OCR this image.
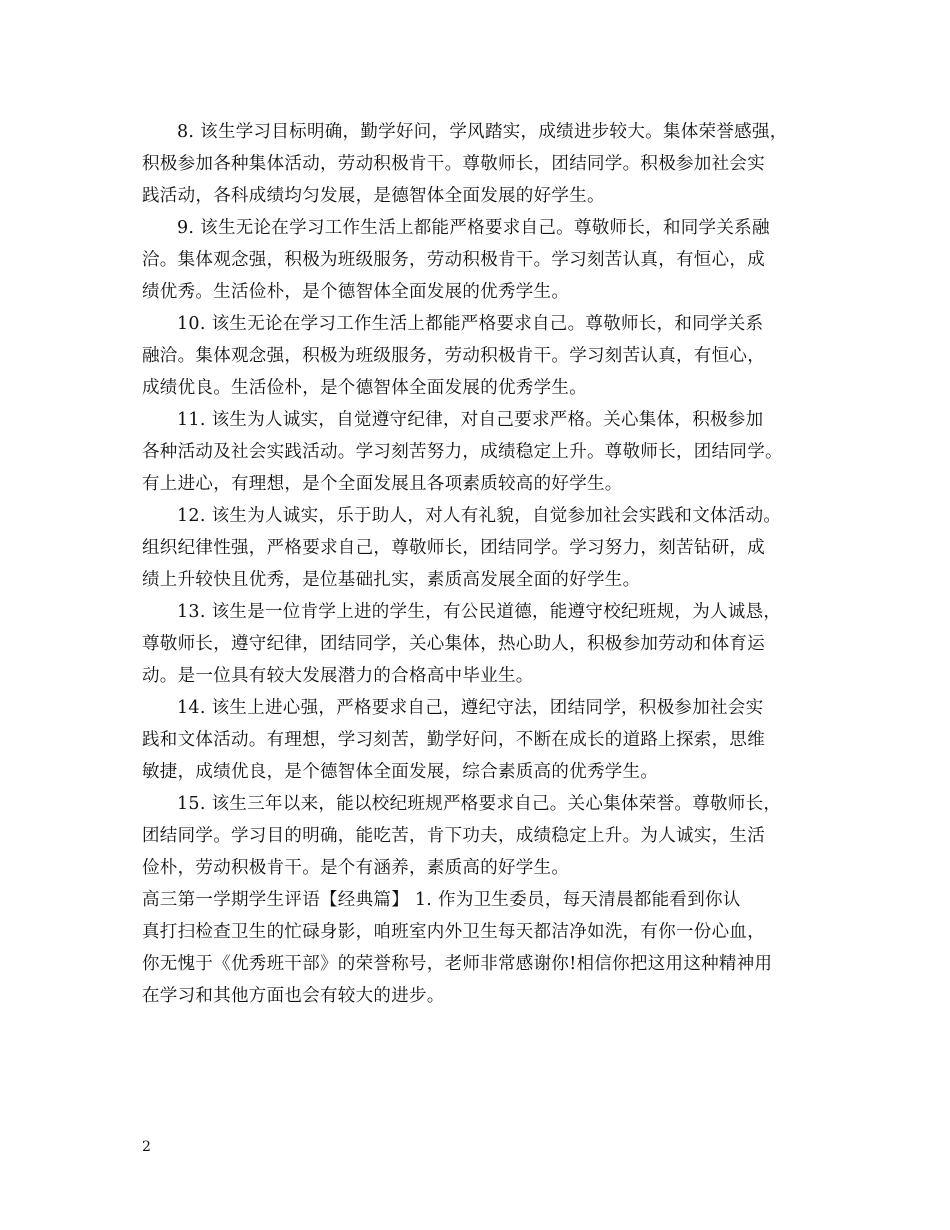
8. 该生学习目标明确，勤学好问，学风踏实，成绩进步较大。集体荣誉感强，
积极参加各种集体活动，劳动积极肯干。尊敬师长，团结同学。积极参加社会实
践活动，各科成绩均匀发展，是德智体全面发展的好学生。
9. 该生无论在学习工作生活上都能严格要求自己。尊敬师长，和同学关系融
洽。集体观念强，积极为班级服务，劳动积极肯干。学习刻苦认真，有恒心，成
绩优秀。生活俭朴，是个德智体全面发展的优秀学生。
10. 该生无论在学习工作生活上都能严格要求自己。尊敬师长，和同学关系
融洽。集体观念强，积极为班级服务，劳动积极肯干。学习刻苦认真，有恒心，
成绩优良。生活俭朴，是个德智体全面发展的优秀学生。
11. 该生为人诚实，自觉遵守纪律，对自己要求严格。关心集体，积极参加
各种活动及社会实践活动。学习刻苦努力，成绩稳定上升。尊敬师长，团结同学。
有上进心，有理想，是个全面发展且各项素质较高的好学生。
12. 该生为人诚实，乐于助人，对人有礼貌，自觉参加社会实践和文体活动。
组织纪律性强，严格要求自己，尊敬师长，团结同学。学习努力，刻苦钻研，成
绩上升较快且优秀，是位基础扎实，素质高发展全面的好学生。
13. 该生是一位肯学上进的学生，有公民道德，能遵守校纪班规，为人诚恳，
尊敬师长，遵守纪律，团结同学，关心集体，热心助人，积极参加劳动和体育运
动。是一位具有较大发展潜力的合格高中毕业生。
14. 该生上进心强，严格要求自己，遵纪守法，团结同学，积极参加社会实
践和文体活动。有理想，学习刻苦，勤学好问，不断在成长的道路上探索，思维
敏捷，成绩优良，是个德智体全面发展，综合素质高的优秀学生。
15. 该生三年以来，能以校纪班规严格要求自己。关心集体荣誉。尊敬师长，
团结同学。学习目的明确，能吃苦，肯下功夫，成绩稳定上升。为人诚实，生活
俭朴，劳动积极肯干。是个有涵养，素质高的好学生。
高三第一学期学生评语【经典篇】 1. 作为卫生委员，每天清晨都能看到你认
真打扫检查卫生的忙碌身影，咱班室内外卫生每天都洁净如洗，有你一份心血，
你无愧于《优秀班干部》的荣誉称号，老师非常感谢你!相信你把这用这种精神用
在学习和其他方面也会有较大的进步。
2
